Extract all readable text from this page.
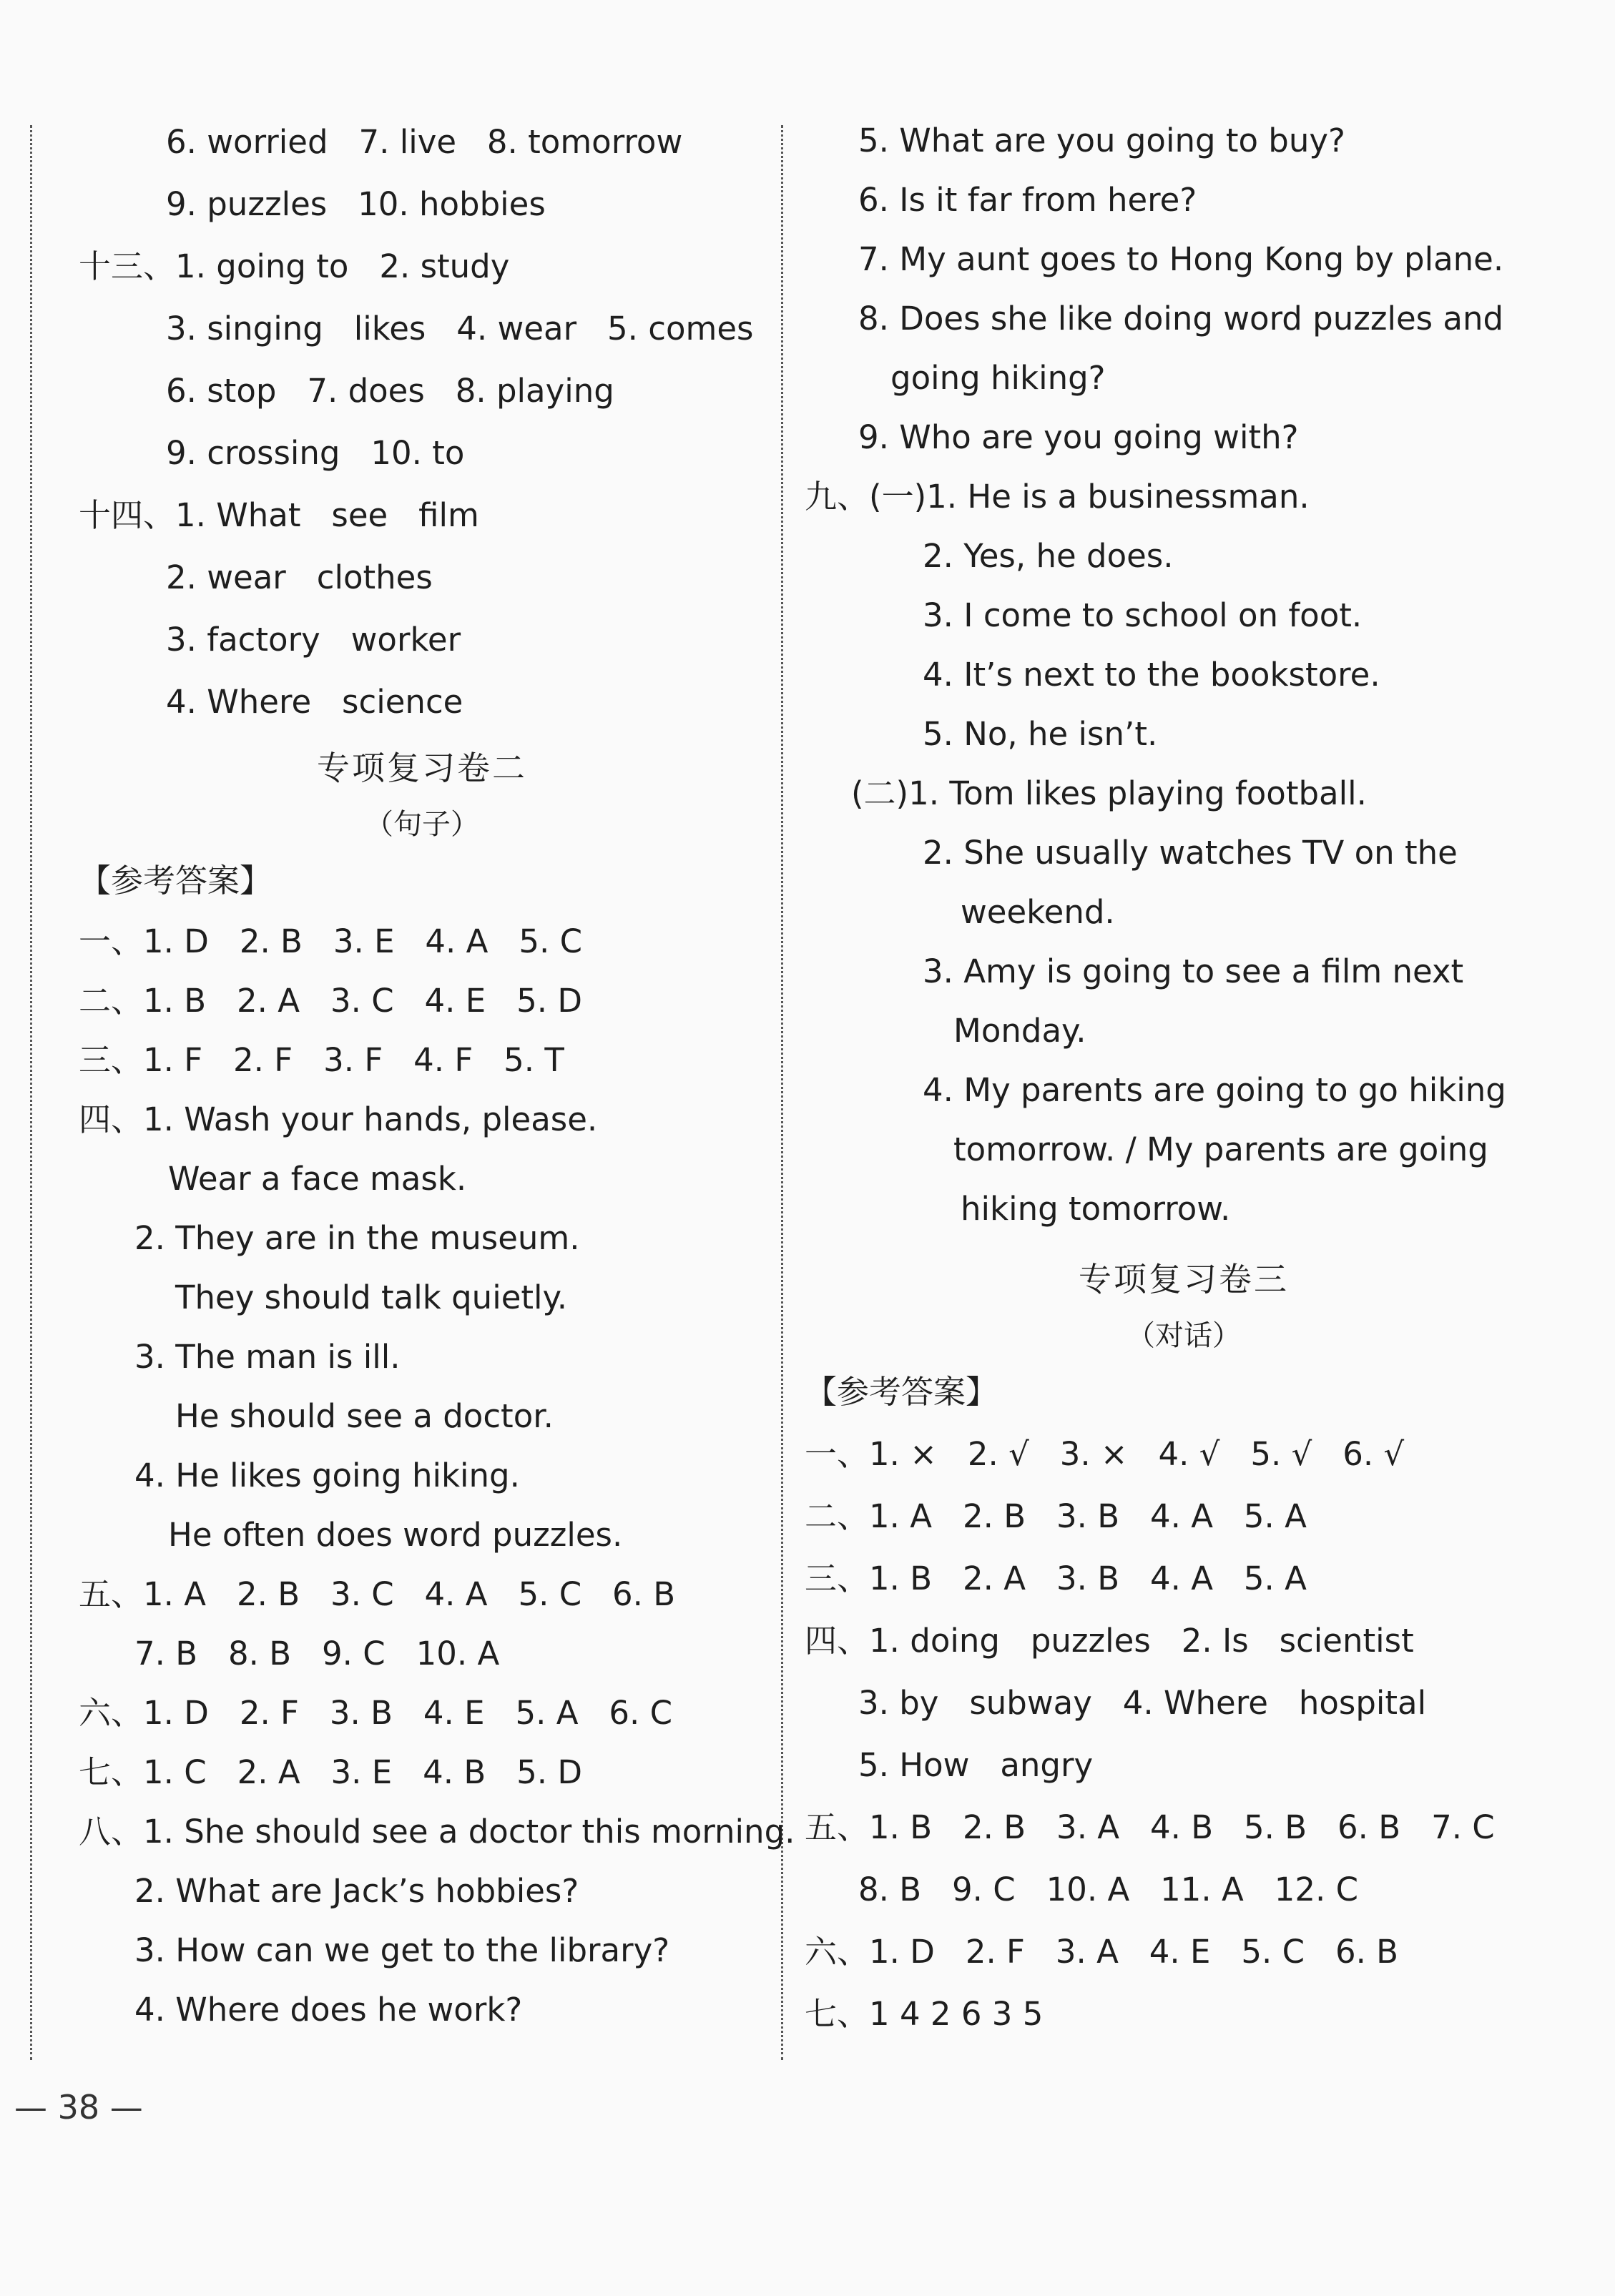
6. worried   7. live   8. tomorrow
9. puzzles   10. hobbies
十三、1. going to   2. study
3. singing   likes   4. wear   5. comes
6. stop   7. does   8. playing
9. crossing   10. to
十四、1. What   see   film
2. wear   clothes
3. factory   worker
4. Where   science
专项复习卷二
（句子）
【参考答案】
一、1. D   2. B   3. E   4. A   5. C
二、1. B   2. A   3. C   4. E   5. D
三、1. F   2. F   3. F   4. F   5. T
四、1. Wash your hands, please.
Wear a face mask.
2. They are in the museum.
They should talk quietly.
3. The man is ill.
He should see a doctor.
4. He likes going hiking.
He often does word puzzles.
五、1. A   2. B   3. C   4. A   5. C   6. B
7. B   8. B   9. C   10. A
六、1. D   2. F   3. B   4. E   5. A   6. C
七、1. C   2. A   3. E   4. B   5. D
八、1. She should see a doctor this morning.
2. What are Jack’s hobbies?
3. How can we get to the library?
4. Where does he work?
5. What are you going to buy?
6. Is it far from here?
7. My aunt goes to Hong Kong by plane.
8. Does she like doing word puzzles and
going hiking?
9. Who are you going with?
九、(一)1. He is a businessman.
2. Yes, he does.
3. I come to school on foot.
4. It’s next to the bookstore.
5. No, he isn’t.
(二)1. Tom likes playing football.
2. She usually watches TV on the
weekend.
3. Amy is going to see a film next
Monday.
4. My parents are going to go hiking
tomorrow. / My parents are going
hiking tomorrow.
专项复习卷三
（对话）
【参考答案】
一、1. ×   2. √   3. ×   4. √   5. √   6. √
二、1. A   2. B   3. B   4. A   5. A
三、1. B   2. A   3. B   4. A   5. A
四、1. doing   puzzles   2. Is   scientist
3. by   subway   4. Where   hospital
5. How   angry
五、1. B   2. B   3. A   4. B   5. B   6. B   7. C
8. B   9. C   10. A   11. A   12. C
六、1. D   2. F   3. A   4. E   5. C   6. B
七、1 4 2 6 3 5
— 38 —
